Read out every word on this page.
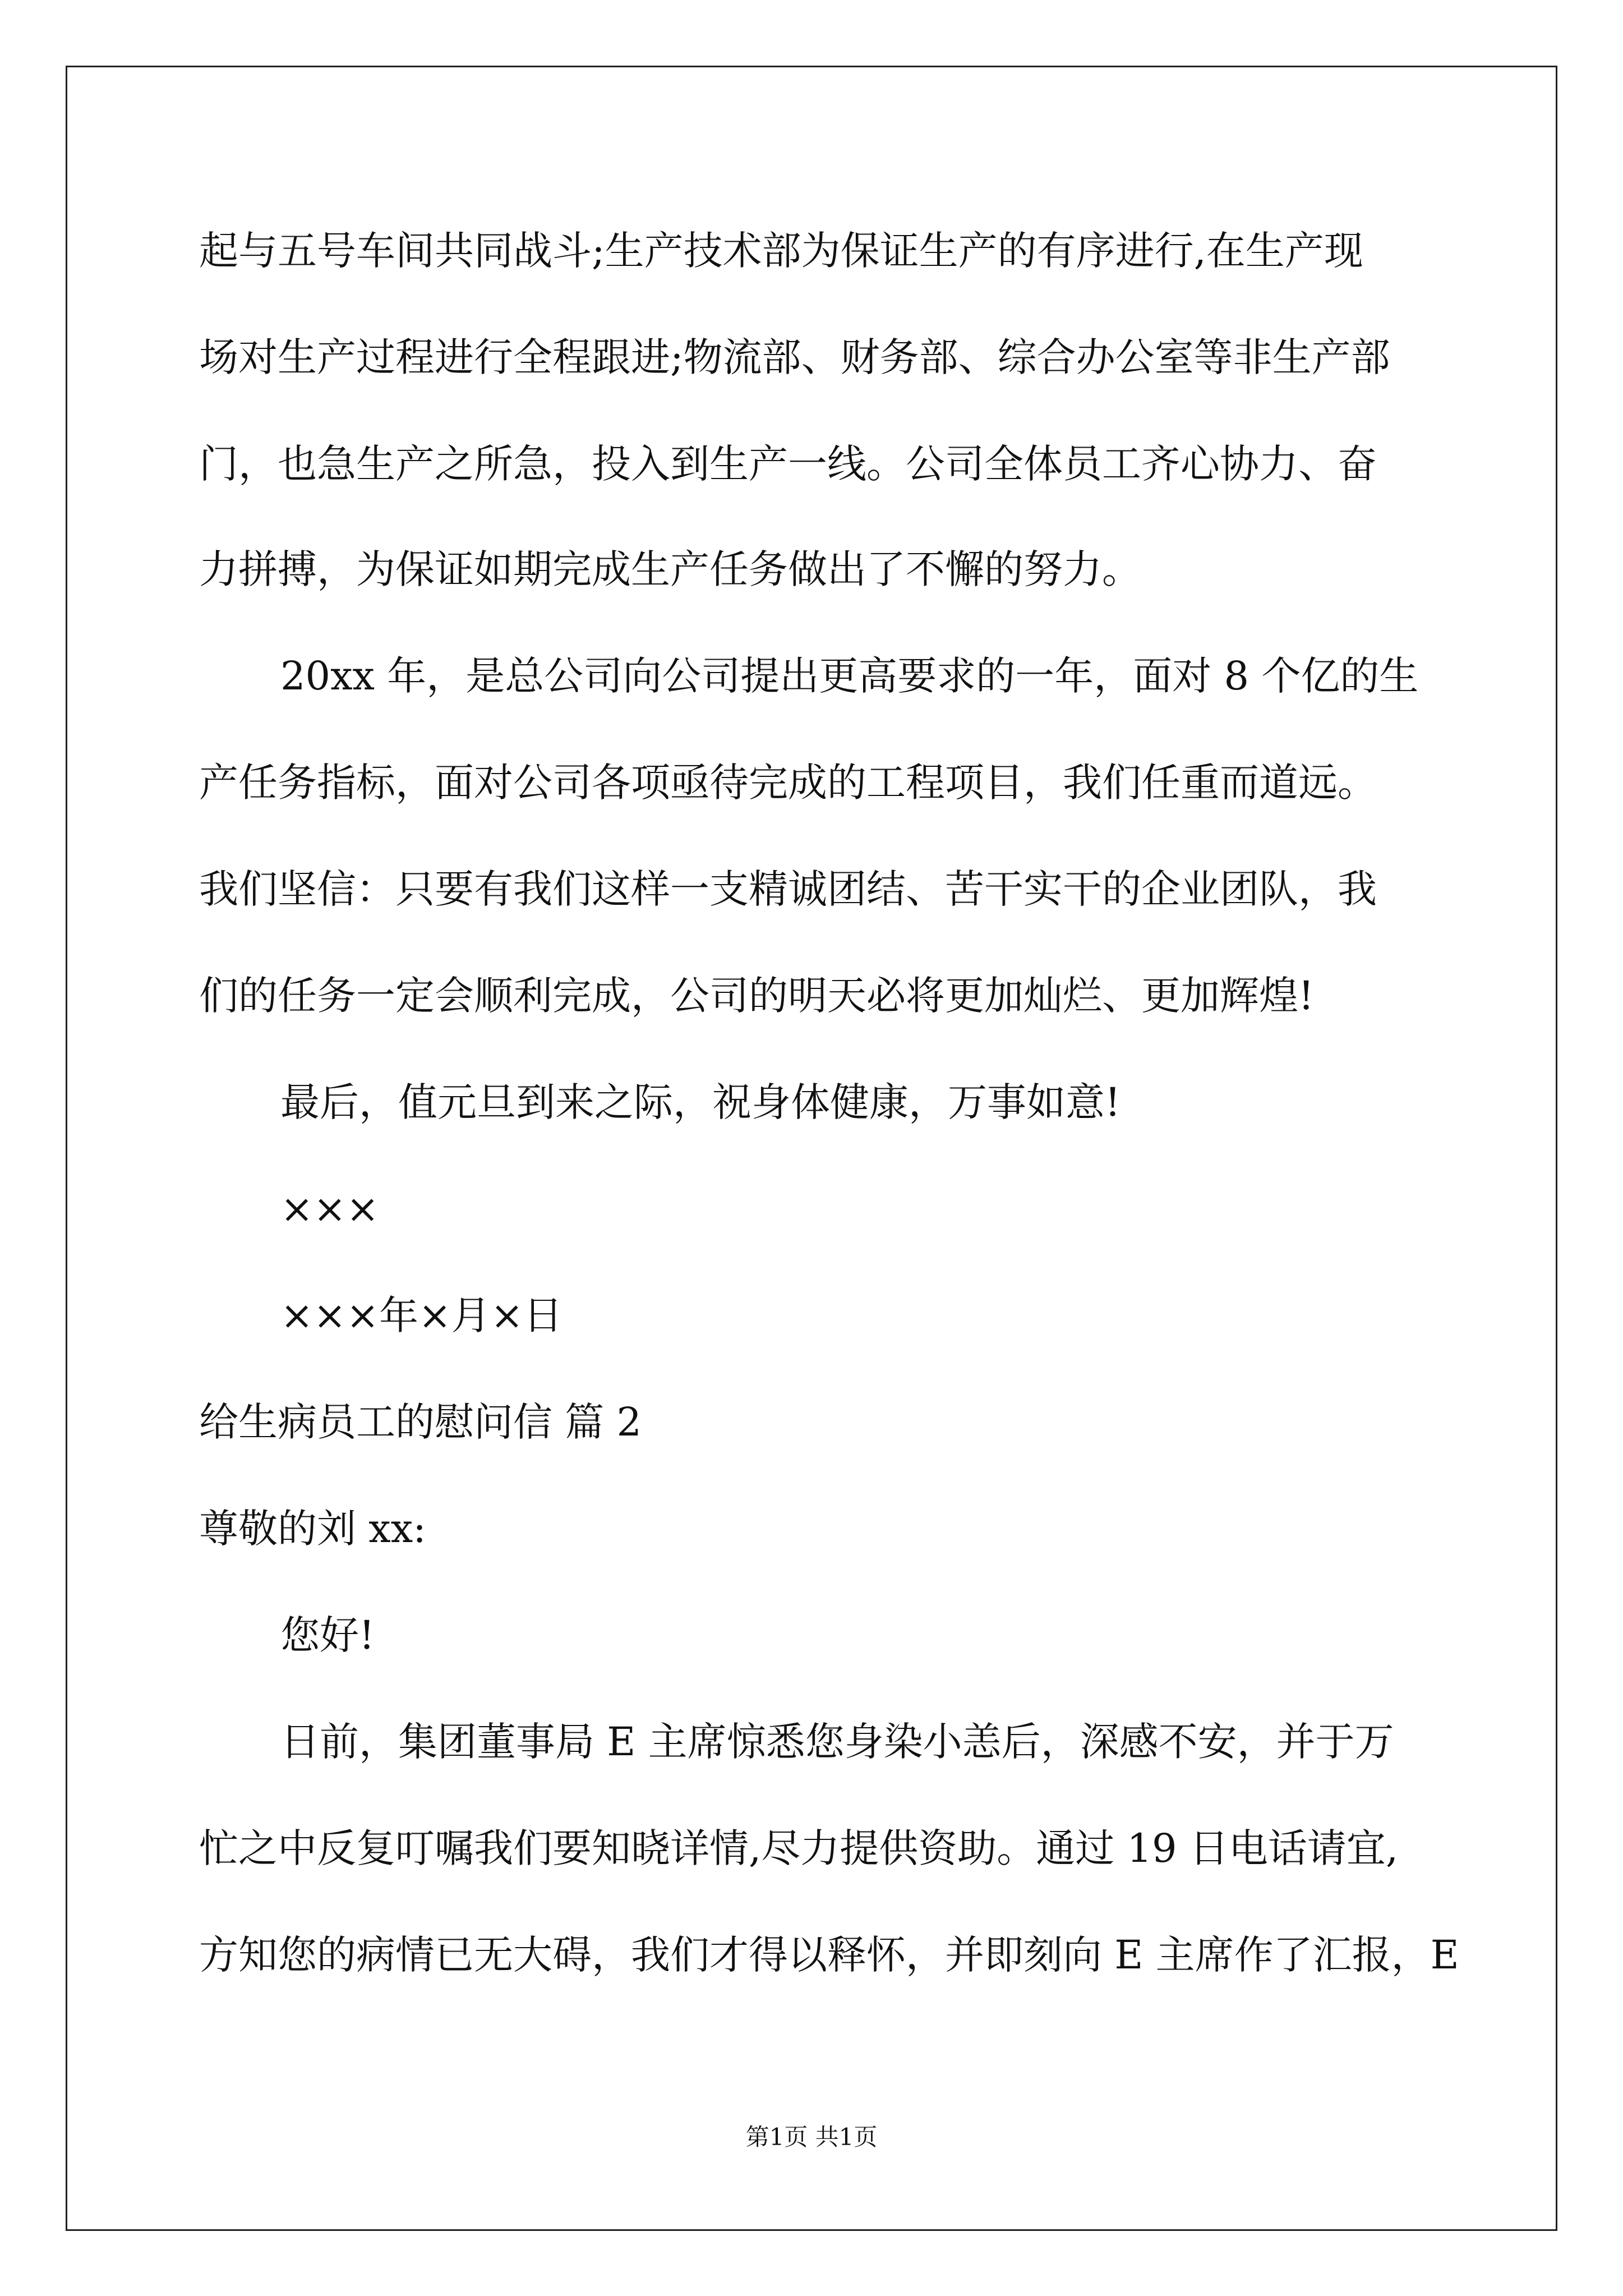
起与五号车间共同战斗;生产技术部为保证生产的有序进行,在生产现

场对生产过程进行全程跟进;物流部、财务部、综合办公室等非生产部

门，也急生产之所急，投入到生产一线。公司全体员工齐心协力、奋

力拼搏，为保证如期完成生产任务做出了不懈的努力。

20xx 年，是总公司向公司提出更高要求的一年，面对 8 个亿的生

产任务指标，面对公司各项亟待完成的工程项目，我们任重而道远。

我们坚信：只要有我们这样一支精诚团结、苦干实干的企业团队，我

们的任务一定会顺利完成，公司的明天必将更加灿烂、更加辉煌!

最后，值元旦到来之际，祝身体健康，万事如意!

×××

×××年×月×日

给生病员工的慰问信 篇 2

尊敬的刘 xx:

您好!

日前，集团董事局 E 主席惊悉您身染小恙后，深感不安，并于万

忙之中反复叮嘱我们要知晓详情,尽力提供资助。通过 19 日电话请宜,

方知您的病情已无大碍，我们才得以释怀，并即刻向 E 主席作了汇报，E

第1页 共1页
